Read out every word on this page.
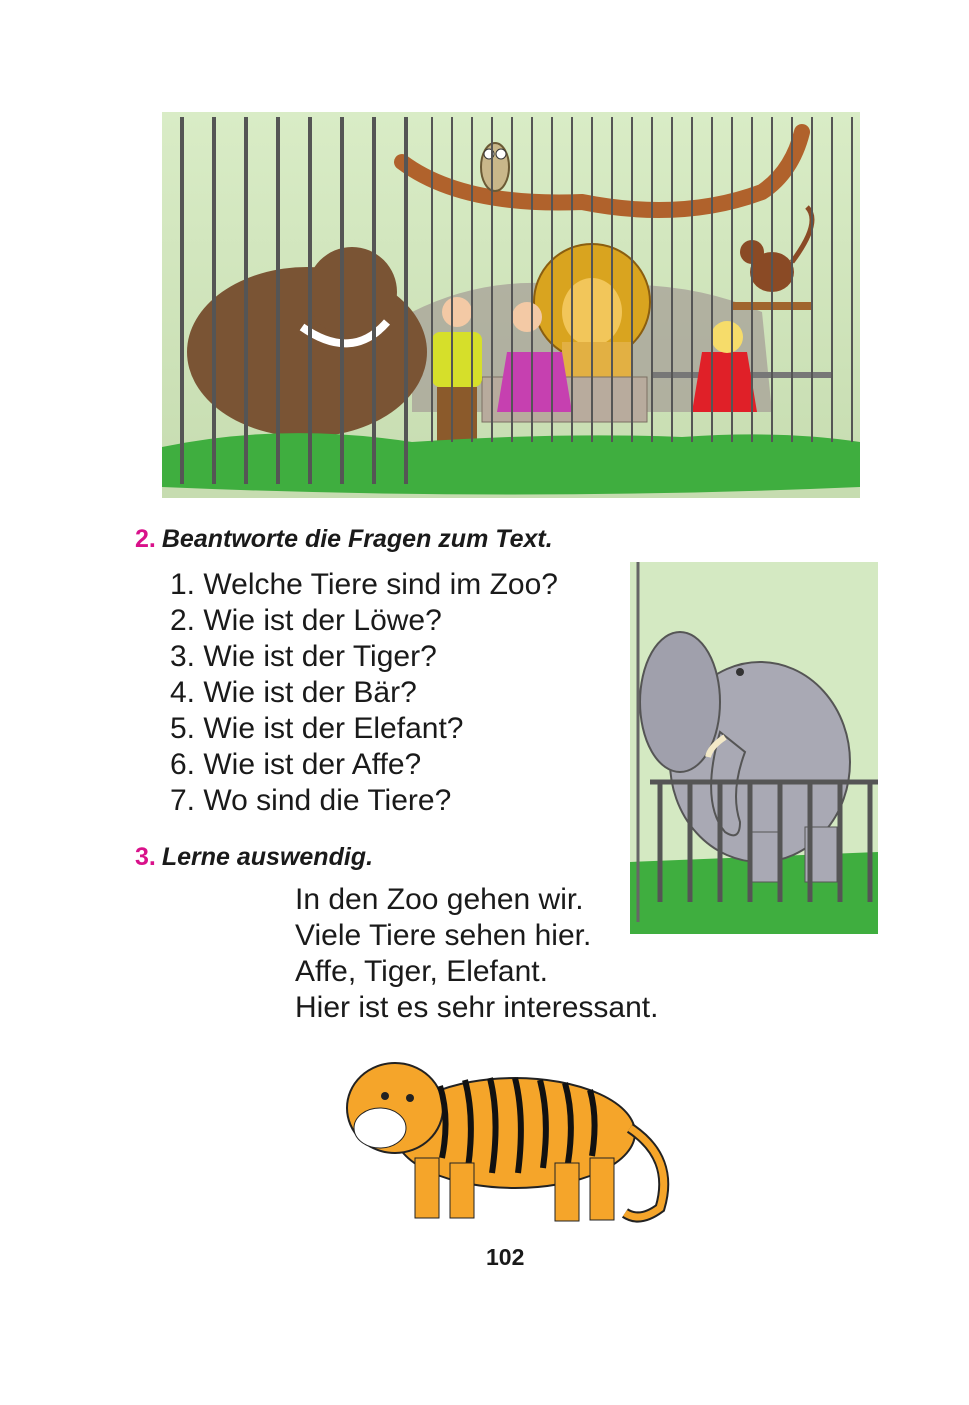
2. Beantworte die Fragen zum Text.
1. Welche Tiere sind im Zoo?
2. Wie ist der Löwe?
3. Wie ist der Tiger?
4. Wie ist der Bär?
5. Wie ist der Elefant?
6. Wie ist der Affe?
7. Wo sind die Tiere?
3. Lerne auswendig.
In den Zoo gehen wir.
Viele Tiere sehen hier.
Affe, Tiger, Elefant.
Hier ist es sehr interessant.
102
